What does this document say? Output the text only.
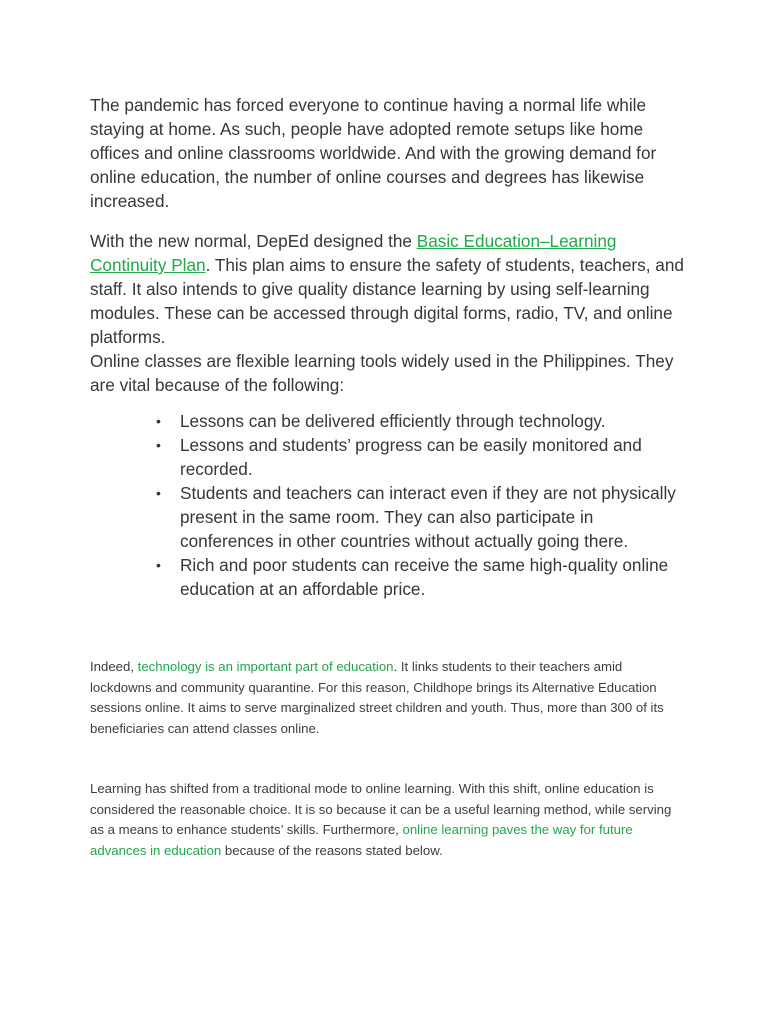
The pandemic has forced everyone to continue having a normal life while staying at home. As such, people have adopted remote setups like home offices and online classrooms worldwide. And with the growing demand for online education, the number of online courses and degrees has likewise increased.

With the new normal, DepEd designed the Basic Education–Learning Continuity Plan. This plan aims to ensure the safety of students, teachers, and staff. It also intends to give quality distance learning by using self-learning modules. These can be accessed through digital forms, radio, TV, and online platforms.

Online classes are flexible learning tools widely used in the Philippines. They are vital because of the following:

• Lessons can be delivered efficiently through technology.
• Lessons and students’ progress can be easily monitored and recorded.
• Students and teachers can interact even if they are not physically present in the same room. They can also participate in conferences in other countries without actually going there.
• Rich and poor students can receive the same high-quality online education at an affordable price.

Indeed, technology is an important part of education. It links students to their teachers amid lockdowns and community quarantine. For this reason, Childhope brings its Alternative Education sessions online. It aims to serve marginalized street children and youth. Thus, more than 300 of its beneficiaries can attend classes online.

Learning has shifted from a traditional mode to online learning. With this shift, online education is considered the reasonable choice. It is so because it can be a useful learning method, while serving as a means to enhance students’ skills. Furthermore, online learning paves the way for future advances in education because of the reasons stated below.
